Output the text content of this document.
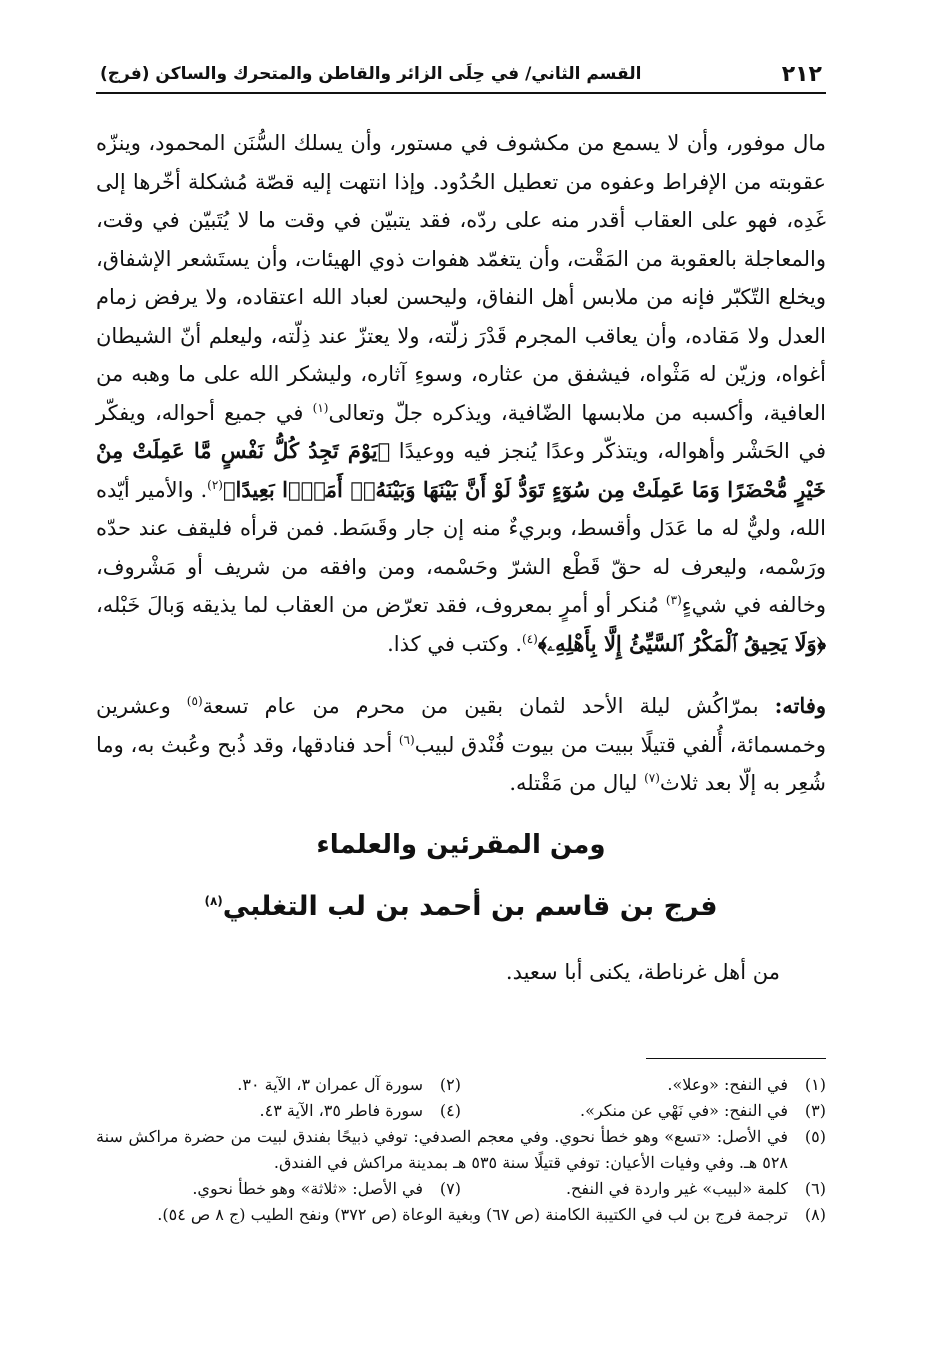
٢١٢
القسم الثاني/ في حِلَى الزائر والقاطن والمتحرك والساكن (فرج)

مال موفور، وأن لا يسمع من مكشوف في مستور، وأن يسلك السُّنَن المحمود، وينزّه عقوبته من الإفراط وعفوه من تعطيل الحُدُود. وإذا انتهت إليه قصّة مُشكلة أخّرها إلى غَدِه، فهو على العقاب أقدر منه على ردّه، فقد يتبيّن في وقت ما لا يُتَبيّن في وقت، والمعاجلة بالعقوبة من المَقْت، وأن يتغمّد هفوات ذوي الهيئات، وأن يستَشعر الإشفاق، ويخلع التّكبّر فإنه من ملابس أهل النفاق، وليحسن لعباد الله اعتقاده، ولا يرفض زمام العدل ولا مَقاده، وأن يعاقب المجرم قَدْرَ زلّته، ولا يعتزّ عند ذِلّته، وليعلم أنّ الشيطان أغواه، وزيّن له مَثْواه، فيشفق من عثاره، وسوءِ آثاره، وليشكر الله على ما وهبه من العافية، وأكسبه من ملابسها الضّافية، ويذكره جلّ وتعالى$^{(١)}$ في جميع أحواله، ويفكّر في الحَشْر وأهواله، ويتذكّر وعدًا يُنجز فيه ووعيدًا ﴿يَوْمَ تَجِدُ كُلُّ نَفْسٍ مَّا عَمِلَتْ مِنْ خَيْرٍ مُّحْضَرًا وَمَا عَمِلَتْ مِن سُوٓءٍ تَوَدُّ لَوْ أَنَّ بَيْنَهَا وَبَيْنَهُۥٓ أَمَدًۢا بَعِيدًا﴾$^{(٢)}$. والأمير أيّده الله، وليٌّ له ما عَدَل وأقسط، وبريءٌ منه إن جار وقَسَط. فمن قرأه فليقف عند حدّه ورَسْمه، وليعرف له حقّ قَطْع الشرّ وحَسْمه، ومن وافقه من شريف أو مَشْروف، وخالفه في شيءٍ$^{(٣)}$ مُنكر أو أمرٍ بمعروف، فقد تعرّض من العقاب لما يذيقه وَبالَ خَبْله، ﴿وَلَا يَحِيقُ ٱلْمَكْرُ ٱلسَّيِّئُ إِلَّا بِأَهْلِهِۦ﴾$^{(٤)}$. وكتب في كذا.

وفاته: بمرّاكُش ليلة الأحد لثمان بقين من محرم من عام تسعة$^{(٥)}$ وعشرين وخمسمائة، أُلفي قتيلًا ببيت من بيوت فُنْدق لبيب$^{(٦)}$ أحد فنادقها، وقد ذُبح وعُبث به، وما شُعِر به إلّا بعد ثلاث$^{(٧)}$ ليال من مَقْتله.

ومن المقرئين والعلماء
فرج بن قاسم بن أحمد بن لب التغلبي$^{(٨)}$
من أهل غرناطة، يكنى أبا سعيد.
(١)
في النفح: «وعلا».
(٢)
سورة آل عمران ٣، الآية ٣٠.
(٣)
في النفح: «في نَهْي عن منكر».
(٤)
سورة فاطر ٣٥، الآية ٤٣.
(٥)
في الأصل: «تسع» وهو خطأ نحوي. وفي معجم الصدفي: توفي ذبيحًا بفندق لبيت من حضرة مراكش سنة ٥٢٨ هـ. وفي وفيات الأعيان: توفي قتيلًا سنة ٥٣٥ هـ بمدينة مراكش في الفندق.
(٦)
كلمة «لبيب» غير واردة في النفح.
(٧)
في الأصل: «ثلاثة» وهو خطأ نحوي.
(٨)
ترجمة فرج بن لب في الكتيبة الكامنة (ص ٦٧) وبغية الوعاة (ص ٣٧٢) ونفح الطيب (ج ٨ ص ٥٤).
